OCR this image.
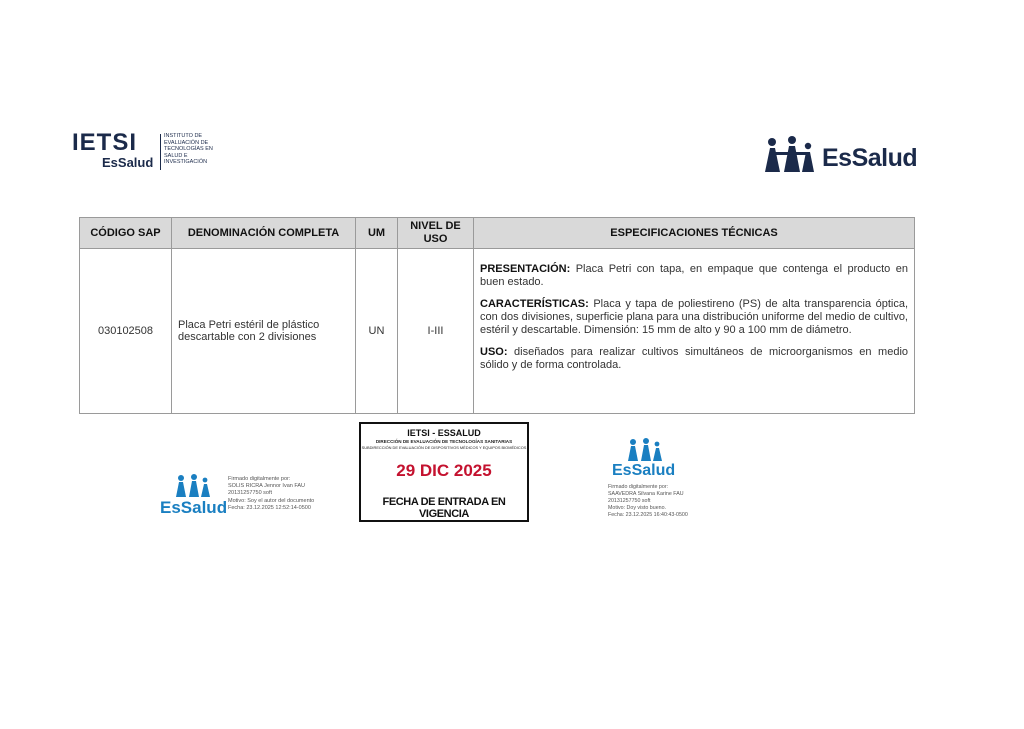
IETSI
EsSalud
INSTITUTO DE
EVALUACIÓN DE
TECNOLOGÍAS EN
SALUD E
INVESTIGACIÓN	EsSalud
CÓDIGO SAP	DENOMINACIÓN COMPLETA	UM	NIVEL DE USO	ESPECIFICACIONES TÉCNICAS
030102508	Placa Petri estéril de plástico descartable con 2 divisiones	UN	I-III	PRESENTACIÓN: Placa Petri con tapa, en empaque que contenga el producto en buen estado.

CARACTERÍSTICAS: Placa y tapa de poliestireno (PS) de alta transparencia óptica, con dos divisiones, superficie plana para una distribución uniforme del medio de cultivo, estéril y descartable. Dimensión: 15 mm de alto y 90 a 100 mm de diámetro.

USO: diseñados para realizar cultivos simultáneos de microorganismos en medio sólido y de forma controlada.

EsSalud
Firmado digitalmente por:
SOLIS RICRA Jennor Ivan FAU
20131257750 soft
Motivo: Soy el autor del documento
Fecha: 23.12.2025 12:52:14-0500
IETSI - ESSALUD
DIRECCIÓN DE EVALUACIÓN DE TECNOLOGÍAS SANITARIAS
SUBDIRECCIÓN DE EVALUACIÓN DE DISPOSITIVOS MÉDICOS Y EQUIPOS BIOMÉDICOS
29 DIC 2025
FECHA DE ENTRADA EN VIGENCIA
EsSalud
Firmado digitalmente por:
SAAVEDRA Silvana Karine FAU
20131257750 soft
Motivo: Doy visto bueno.
Fecha: 23.12.2025 16:40:43-0500
